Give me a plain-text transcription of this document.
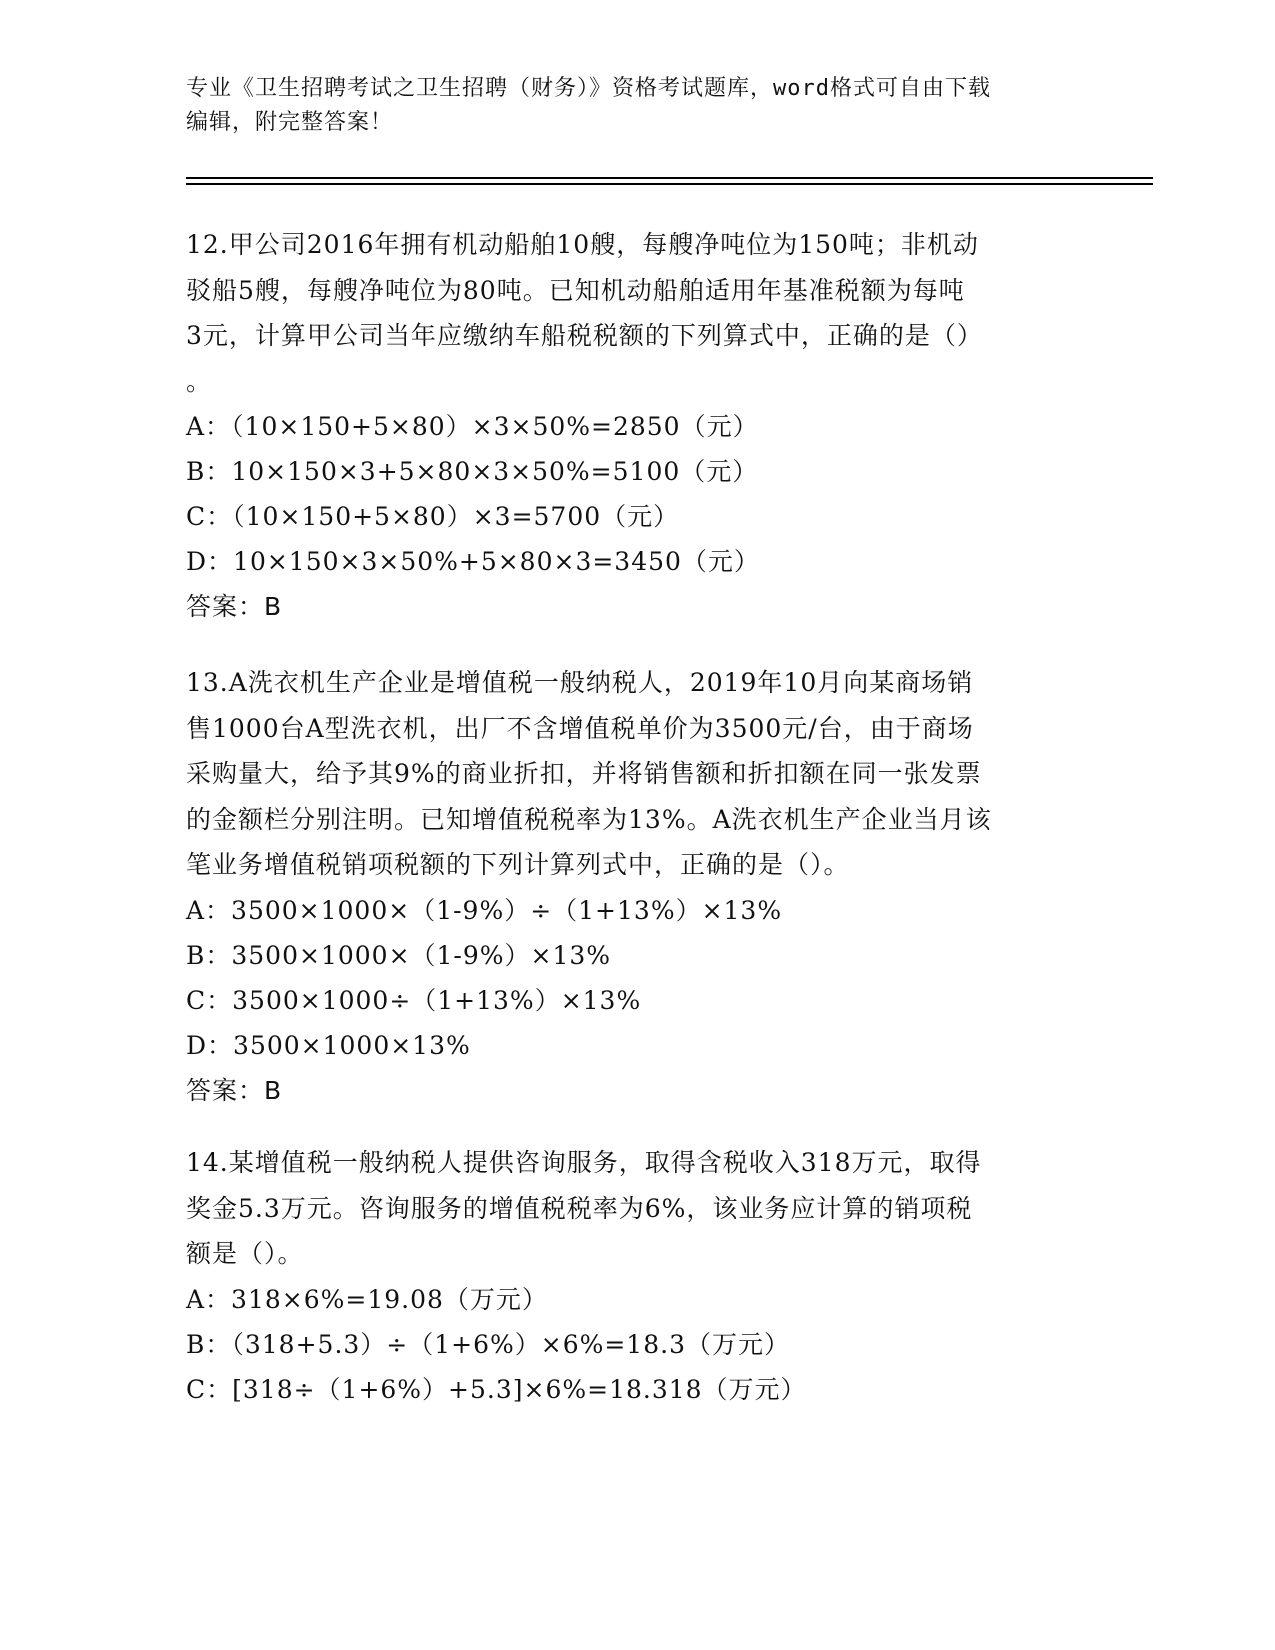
专业《卫生招聘考试之卫生招聘（财务）》资格考试题库，word格式可自由下载
编辑，附完整答案！
12.甲公司2016年拥有机动船舶10艘，每艘净吨位为150吨；非机动
驳船5艘，每艘净吨位为80吨。已知机动船舶适用年基准税额为每吨
3元，计算甲公司当年应缴纳车船税税额的下列算式中，正确的是（）
。
A：（10×150+5×80）×3×50%=2850（元）
B：10×150×3+5×80×3×50%=5100（元）
C：（10×150+5×80）×3=5700（元）
D：10×150×3×50%+5×80×3=3450（元）
答案：B
13.A洗衣机生产企业是增值税一般纳税人，2019年10月向某商场销
售1000台A型洗衣机，出厂不含增值税单价为3500元/台，由于商场
采购量大，给予其9%的商业折扣，并将销售额和折扣额在同一张发票
的金额栏分别注明。已知增值税税率为13%。A洗衣机生产企业当月该
笔业务增值税销项税额的下列计算列式中，正确的是（）。
A：3500×1000×（1-9%）÷（1+13%）×13%
B：3500×1000×（1-9%）×13%
C：3500×1000÷（1+13%）×13%
D：3500×1000×13%
答案：B
14.某增值税一般纳税人提供咨询服务，取得含税收入318万元，取得
奖金5.3万元。咨询服务的增值税税率为6%，该业务应计算的销项税
额是（）。
A：318×6%=19.08（万元）
B：（318+5.3）÷（1+6%）×6%=18.3（万元）
C：[318÷（1+6%）+5.3]×6%=18.318（万元）
